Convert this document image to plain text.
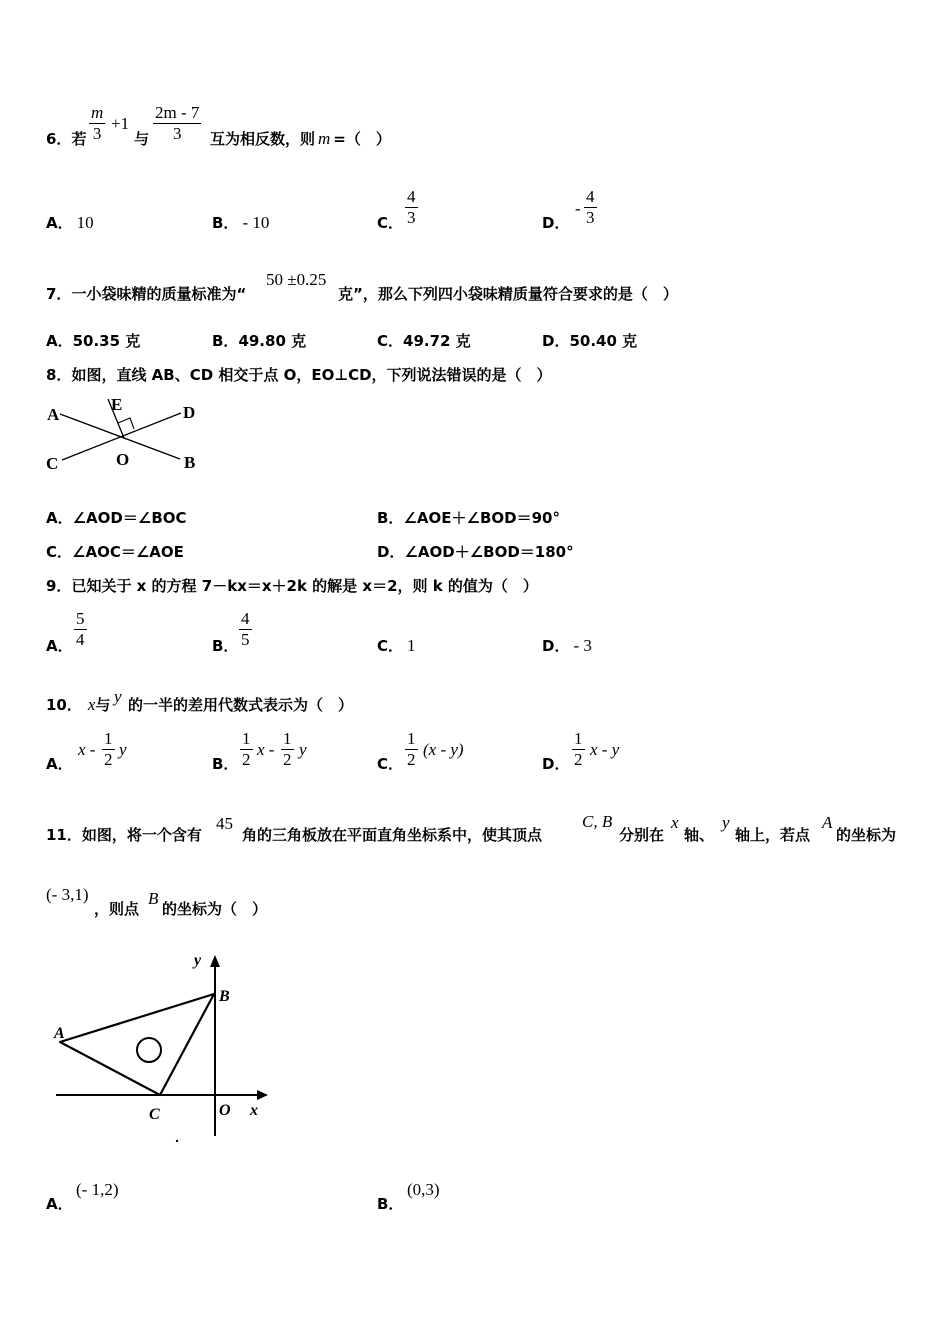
6．若 $\frac{m}{3} +1$
与 $\frac{2m - 7}{3}$ 互为相反数，则 m =（　）
A． 10	B． - 10	C． $\frac{4}{3}$	D．
- $\frac{4}{3}$
7．一小袋味精的质量标准为“
50 ±0.25
克”，那么下列四小袋味精质量符合要求的是（　）
A．50.35 克	B．49.80 克	C．49.72 克	D．50.40 克
8．如图，直线 AB、CD 相交于点 O，EO⊥CD，下列说法错误的是（　）
A
E	D
C	O	B
A．∠AOD＝∠BOC	B．∠AOE＋∠BOD＝90°
C．∠AOC＝∠AOE	D．∠AOD＋∠BOD＝180°
9．已知关于 x 的方程 7－kx＝x＋2k 的解是 x＝2，则 k 的值为（　）
A． $\frac{5}{4}$	B． $\frac{4}{5}$	C． 1	D． - 3
10． x与 y 的一半的差用代数式表示为（　）
A．
x - $\frac{1}{2}$ y
B． $\frac{1}{2}$ x - $\frac{1}{2}$ y
C． $\frac{1}{2} (x - y)$
D． $\frac{1}{2}$ x - y
11．如图，将一个含有
45
角的三角板放在平面直角坐标系中，使其顶点
C, B
分别在
x
轴、
y
轴上，若点
A
的坐标为
(- 3,1)
，则点
B
的坐标为（　）
y
B
A
C	O x
A．
(- 1,2)
B．
(0,3)
